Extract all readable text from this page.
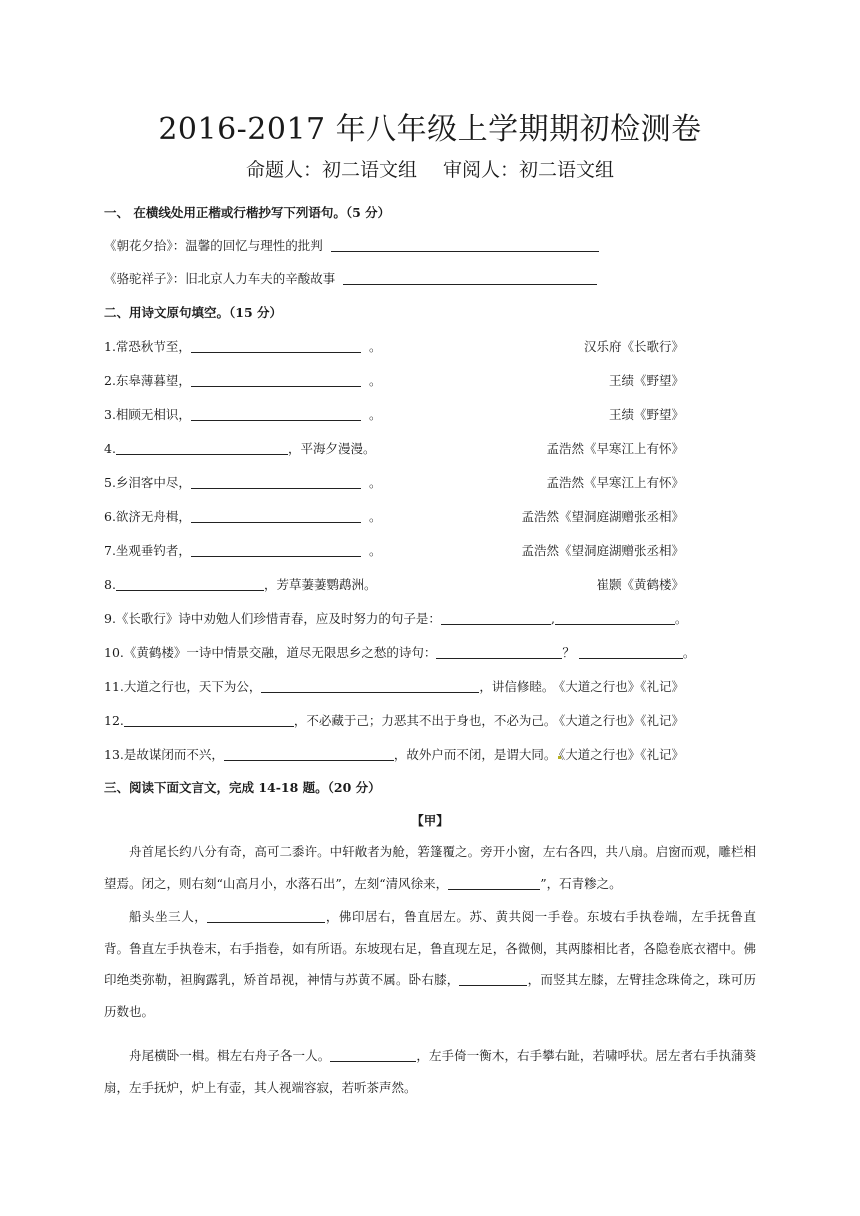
2016-2017 年八年级上学期期初检测卷
命题人：初二语文组 审阅人：初二语文组
一、 在横线处用正楷或行楷抄写下列语句。（5 分）
《朝花夕拾》：温馨的回忆与理性的批判
《骆驼祥子》：旧北京人力车夫的辛酸故事
二、用诗文原句填空。（15 分）
1.常恐秋节至，	。	汉乐府《长歌行》
2.东皋薄暮望，	。	王绩《野望》
3.相顾无相识，	。	王绩《野望》
4.	，平海夕漫漫。	孟浩然《早寒江上有怀》
5.乡泪客中尽，	。	孟浩然《早寒江上有怀》
6.欲济无舟楫，	。	孟浩然《望洞庭湖赠张丞相》
7.坐观垂钓者，	。	孟浩然《望洞庭湖赠张丞相》
8.	，芳草萋萋鹦鹉洲。	崔颢《黄鹤楼》
9.《长歌行》诗中劝勉人们珍惜青春，应及时努力的句子是：	,	。
10.《黄鹤楼》一诗中情景交融，道尽无限思乡之愁的诗句：	？	。
11.大道之行也，天下为公，	，讲信修睦。
《大道之行也》《礼记》
12.	，不必藏于己；力恶其不出于身也，不必为己。
《大道之行也》《礼记》
13.是故谋闭而不兴，	，故外户而不闭，是谓大同。
《大道之行也》《礼记》
三、阅读下面文言文，完成 14-18 题。（20 分）
【甲】
舟首尾长约八分有奇，高可二黍许。中轩敞者为舱，箬篷覆之。旁开小窗，左右各四，共八扇。启窗而观，雕栏相望焉。闭之，则右刻“山高月小，水落石出”，左刻“清风徐来，	”，石青糁之。
船头坐三人，	，佛印居右，鲁直居左。苏、黄共阅一手卷。东坡右手执卷端，左手抚鲁直背。鲁直左手执卷末，右手指卷，如有所语。东坡现右足，鲁直现左足，各微侧，其两膝相比者，各隐卷底衣褶中。佛印绝类弥勒，袒胸露乳，矫首昂视，神情与苏黄不属。卧右膝，	，而竖其左膝，左臂挂念珠倚之，珠可历历数也。
舟尾横卧一楫。楫左右舟子各一人。	，左手倚一衡木，右手攀右趾，若啸呼状。居左者右手执蒲葵扇，左手抚炉，炉上有壶，其人视端容寂，若听茶声然。
